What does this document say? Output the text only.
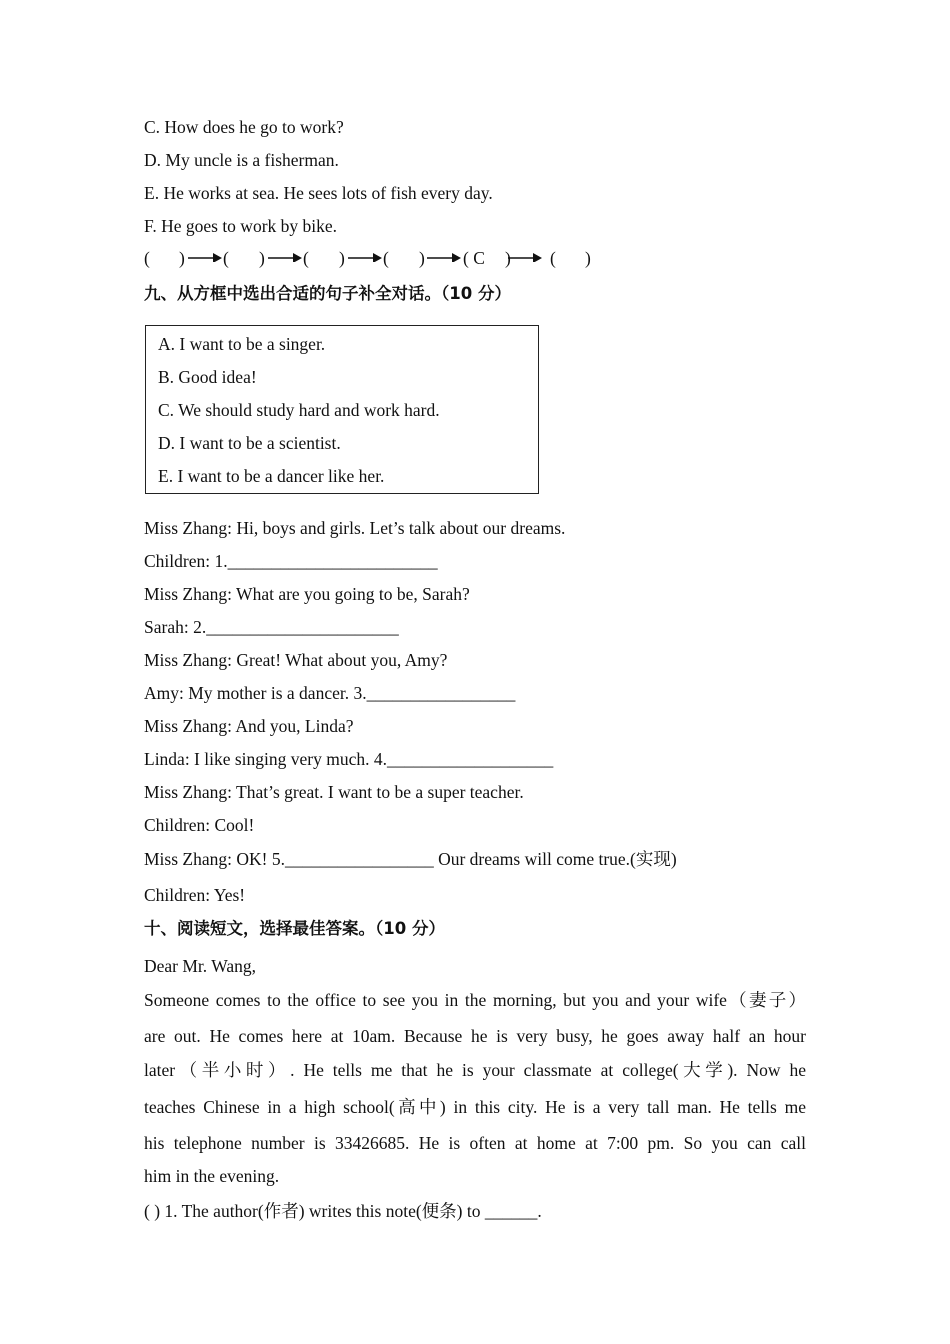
C. How does he go to work?
D. My uncle is a fisherman.
E. He works at sea. He sees lots of fish every day.
F. He goes to work by bike.
( ) ( ) ( ) ( ) ( C ) ( )
九、从方框中选出合适的句子补全对话。（10 分）
A. I want to be a singer.
B. Good idea!
C. We should study hard and work hard.
D. I want to be a scientist.
E. I want to be a dancer like her.
Miss Zhang: Hi, boys and girls. Let’s talk about our dreams.
Children: 1.________________________
Miss Zhang: What are you going to be, Sarah?
Sarah: 2.______________________
Miss Zhang: Great! What about you, Amy?
Amy: My mother is a dancer. 3._________________
Miss Zhang: And you, Linda?
Linda: I like singing very much. 4.___________________
Miss Zhang: That’s great. I want to be a super teacher.
Children: Cool!
Miss Zhang: OK! 5._________________ Our dreams will come true.(实现)
Children: Yes!
十、阅读短文，选择最佳答案。（10 分）
Dear Mr. Wang,
Someone comes to the office to see you in the morning, but you and your wife（妻子）
are out. He comes here at 10am. Because he is very busy, he goes away half an hour
later（半小时）. He tells me that he is your classmate at college(大学). Now he
teaches Chinese in a high school(高中) in this city. He is a very tall man. He tells me
his telephone number is 33426685. He is often at home at 7:00 pm. So you can call
him in the evening.
( ) 1. The author(作者) writes this note(便条) to ______.
